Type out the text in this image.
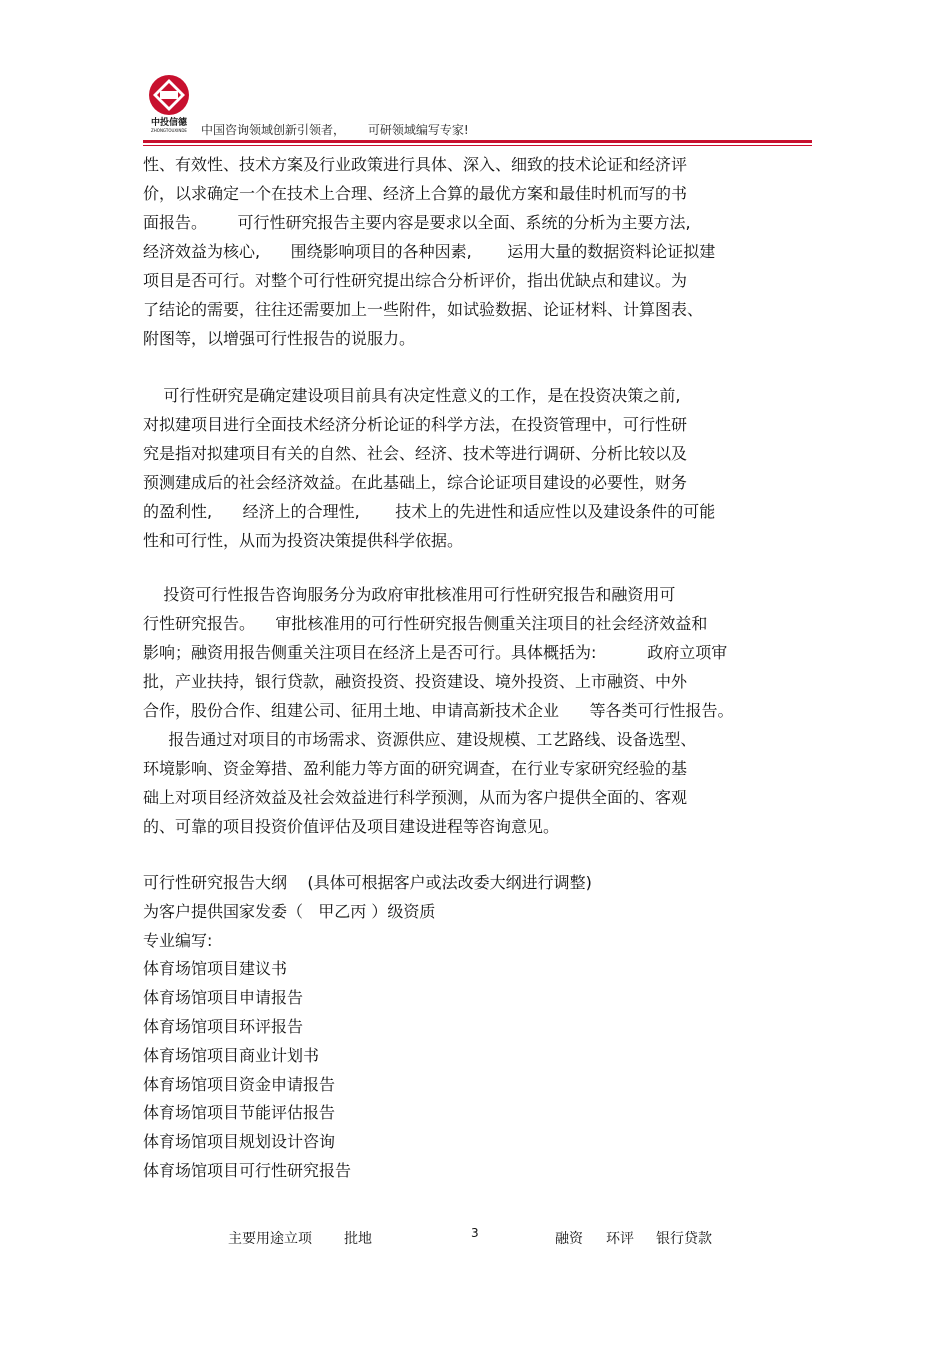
中投信德
ZHONGTOUXINDE 中国咨询领域创新引领者，      可研领域编写专家!
性、有效性、技术方案及行业政策进行具体、深入、细致的技术论证和经济评
价，以求确定一个在技术上合理、经济上合算的最优方案和最佳时机而写的书
面报告。      可行性研究报告主要内容是要求以全面、系统的分析为主要方法,
经济效益为核心,      围绕影响项目的各种因素,       运用大量的数据资料论证拟建
项目是否可行。对整个可行性研究提出综合分析评价，指出优缺点和建议。为
了结论的需要，往往还需要加上一些附件，如试验数据、论证材料、计算图表、
附图等，以增强可行性报告的说服力。
可行性研究是确定建设项目前具有决定性意义的工作，是在投资决策之前,
对拟建项目进行全面技术经济分析论证的科学方法，在投资管理中，可行性研
究是指对拟建项目有关的自然、社会、经济、技术等进行调研、分析比较以及
预测建成后的社会经济效益。在此基础上，综合论证项目建设的必要性，财务
的盈利性,      经济上的合理性,       技术上的先进性和适应性以及建设条件的可能
性和可行性，从而为投资决策提供科学依据。
投资可行性报告咨询服务分为政府审批核准用可行性研究报告和融资用可
行性研究报告。    审批核准用的可行性研究报告侧重关注项目的社会经济效益和
影响；融资用报告侧重关注项目在经济上是否可行。具体概括为:          政府立项审
批，产业扶持，银行贷款，融资投资、投资建设、境外投资、上市融资、中外
合作，股份合作、组建公司、征用土地、申请高新技术企业      等各类可行性报告。
报告通过对项目的市场需求、资源供应、建设规模、工艺路线、设备选型、
环境影响、资金筹措、盈利能力等方面的研究调查，在行业专家研究经验的基
础上对项目经济效益及社会效益进行科学预测，从而为客户提供全面的、客观
的、可靠的项目投资价值评估及项目建设进程等咨询意见。
可行性研究报告大纲    (具体可根据客户或法改委大纲进行调整)
为客户提供国家发委（   甲乙丙 ）级资质
专业编写:
体育场馆项目建议书
体育场馆项目申请报告
体育场馆项目环评报告
体育场馆项目商业计划书
体育场馆项目资金申请报告
体育场馆项目节能评估报告
体育场馆项目规划设计咨询
体育场馆项目可行性研究报告
主要用途立项 批地	3	融资 环评 银行贷款
